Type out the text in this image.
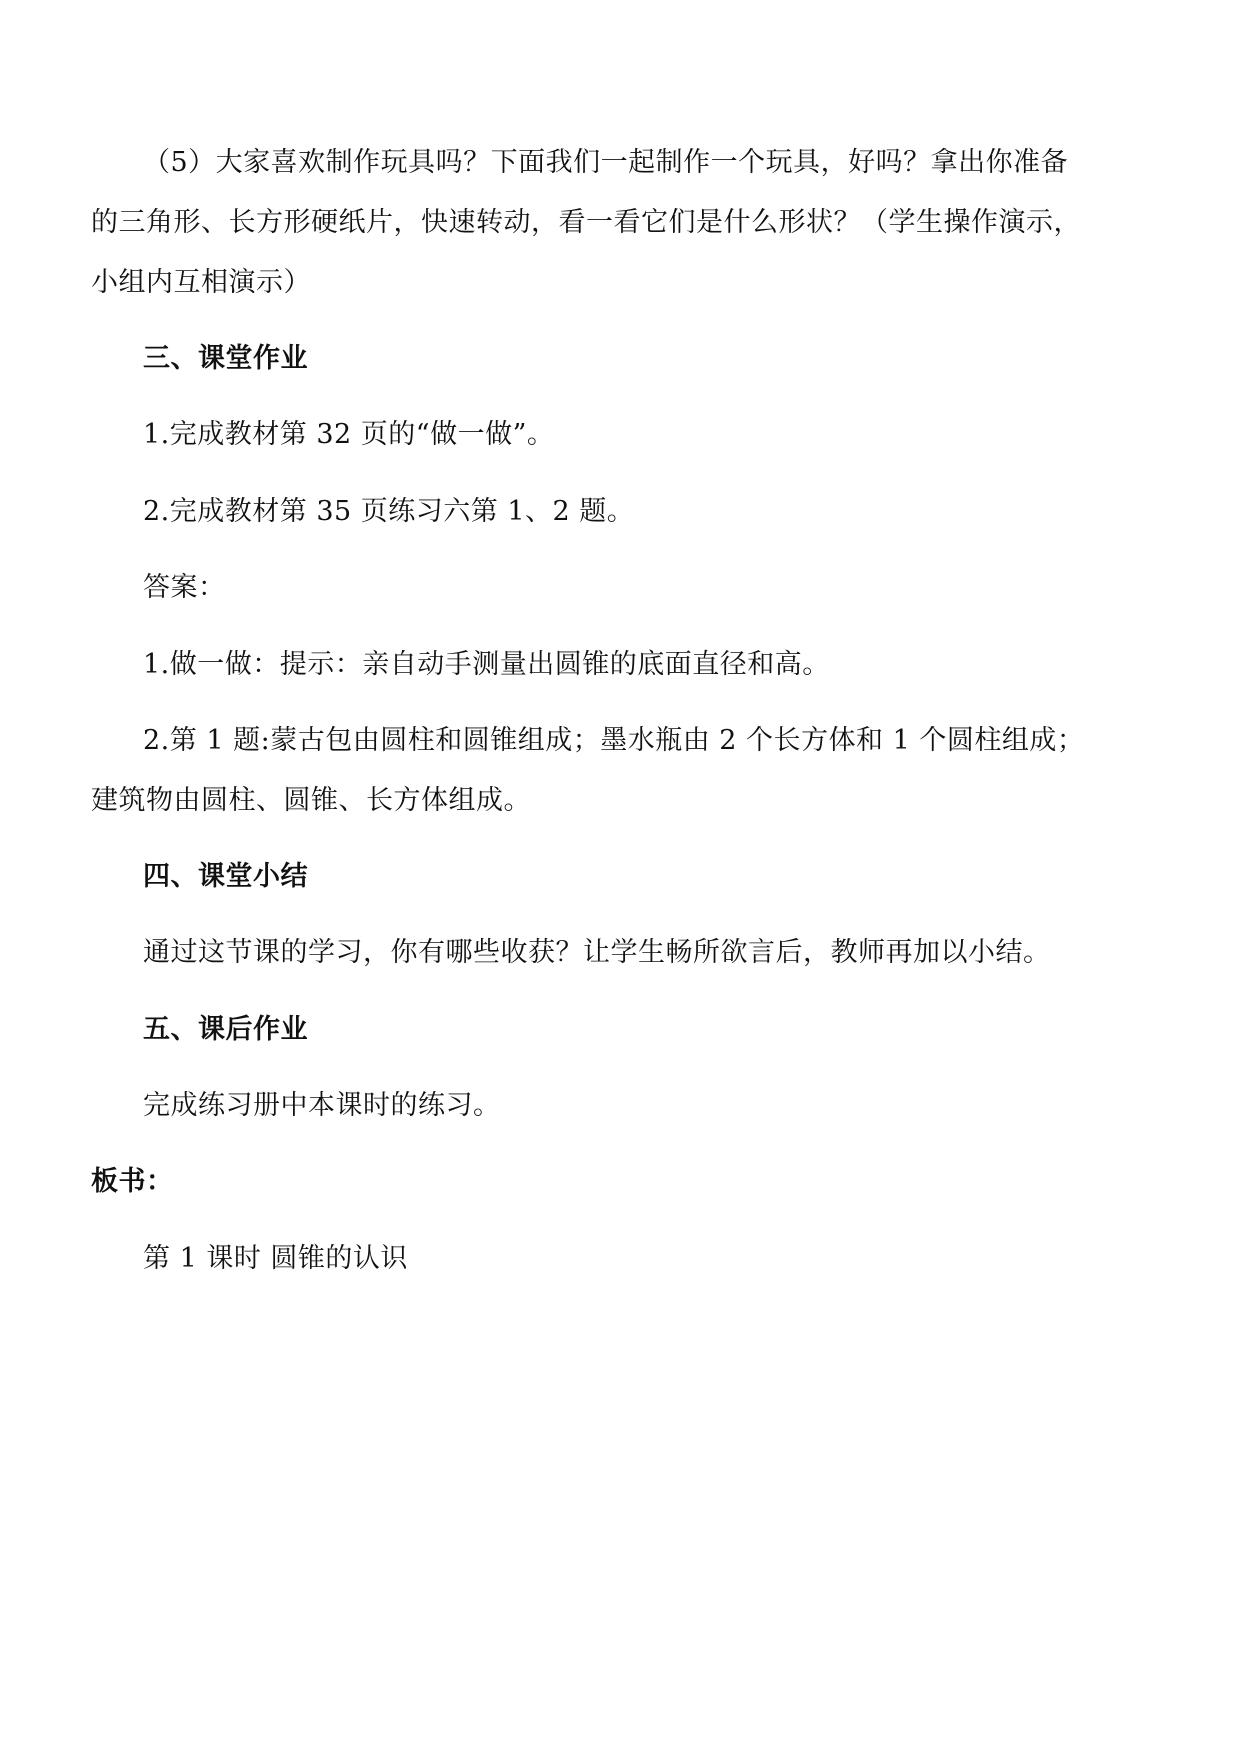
（5）大家喜欢制作玩具吗？下面我们一起制作一个玩具，好吗？拿出你准备
的三角形、长方形硬纸片，快速转动，看一看它们是什么形状？（学生操作演示，
小组内互相演示）
三、课堂作业
1.完成教材第 32 页的“做一做”。
2.完成教材第 35 页练习六第 1、2 题。
答案：
1.做一做：提示：亲自动手测量出圆锥的底面直径和高。
2.第 1 题:蒙古包由圆柱和圆锥组成；墨水瓶由 2 个长方体和 1 个圆柱组成；
建筑物由圆柱、圆锥、长方体组成。
四、课堂小结
通过这节课的学习，你有哪些收获？让学生畅所欲言后，教师再加以小结。
五、课后作业
完成练习册中本课时的练习。
板书：
第 1 课时 圆锥的认识
